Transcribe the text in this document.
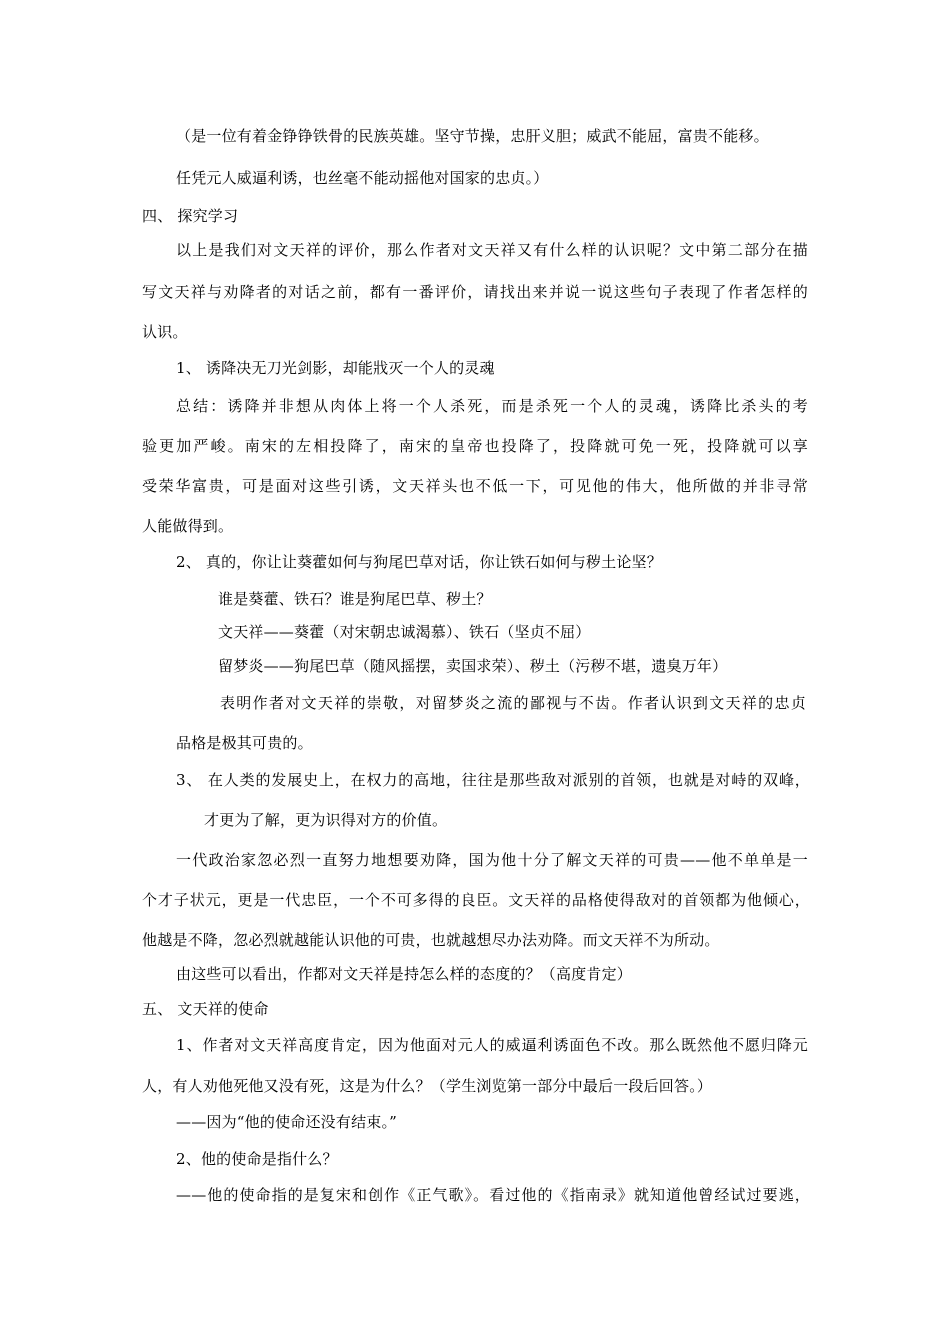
（是一位有着金铮铮铁骨的民族英雄。坚守节操，忠肝义胆；威武不能屈，富贵不能移。
任凭元人威逼利诱，也丝毫不能动摇他对国家的忠贞。）
四、 探究学习
以上是我们对文天祥的评价，那么作者对文天祥又有什么样的认识呢？文中第二部分在描
写文天祥与劝降者的对话之前，都有一番评价，请找出来并说一说这些句子表现了作者怎样的
认识。
1、 诱降决无刀光剑影，却能戕灭一个人的灵魂
总结：诱降并非想从肉体上将一个人杀死，而是杀死一个人的灵魂，诱降比杀头的考
验更加严峻。南宋的左相投降了，南宋的皇帝也投降了，投降就可免一死，投降就可以享
受荣华富贵，可是面对这些引诱，文天祥头也不低一下，可见他的伟大，他所做的并非寻常
人能做得到。
2、 真的，你让让葵藿如何与狗尾巴草对话，你让铁石如何与秽土论坚？
谁是葵藿、铁石？谁是狗尾巴草、秽土？
文天祥——葵藿（对宋朝忠诚渴慕）、铁石（坚贞不屈）
留梦炎——狗尾巴草（随风摇摆，卖国求荣）、秽土（污秽不堪，遗臭万年）
表明作者对文天祥的崇敬，对留梦炎之流的鄙视与不齿。作者认识到文天祥的忠贞
品格是极其可贵的。
3、 在人类的发展史上，在权力的高地，往往是那些敌对派别的首领，也就是对峙的双峰，
才更为了解，更为识得对方的价值。
一代政治家忽必烈一直努力地想要劝降，国为他十分了解文天祥的可贵——他不单单是一
个才子状元，更是一代忠臣，一个不可多得的良臣。文天祥的品格使得敌对的首领都为他倾心，
他越是不降，忽必烈就越能认识他的可贵，也就越想尽办法劝降。而文天祥不为所动。
由这些可以看出，作都对文天祥是持怎么样的态度的？（高度肯定）
五、 文天祥的使命
1、作者对文天祥高度肯定，因为他面对元人的威逼利诱面色不改。那么既然他不愿归降元
人，有人劝他死他又没有死，这是为什么？（学生浏览第一部分中最后一段后回答。）
——因为“他的使命还没有结束。”
2、他的使命是指什么？
——他的使命指的是复宋和创作《正气歌》。看过他的《指南录》就知道他曾经试过要逃，
